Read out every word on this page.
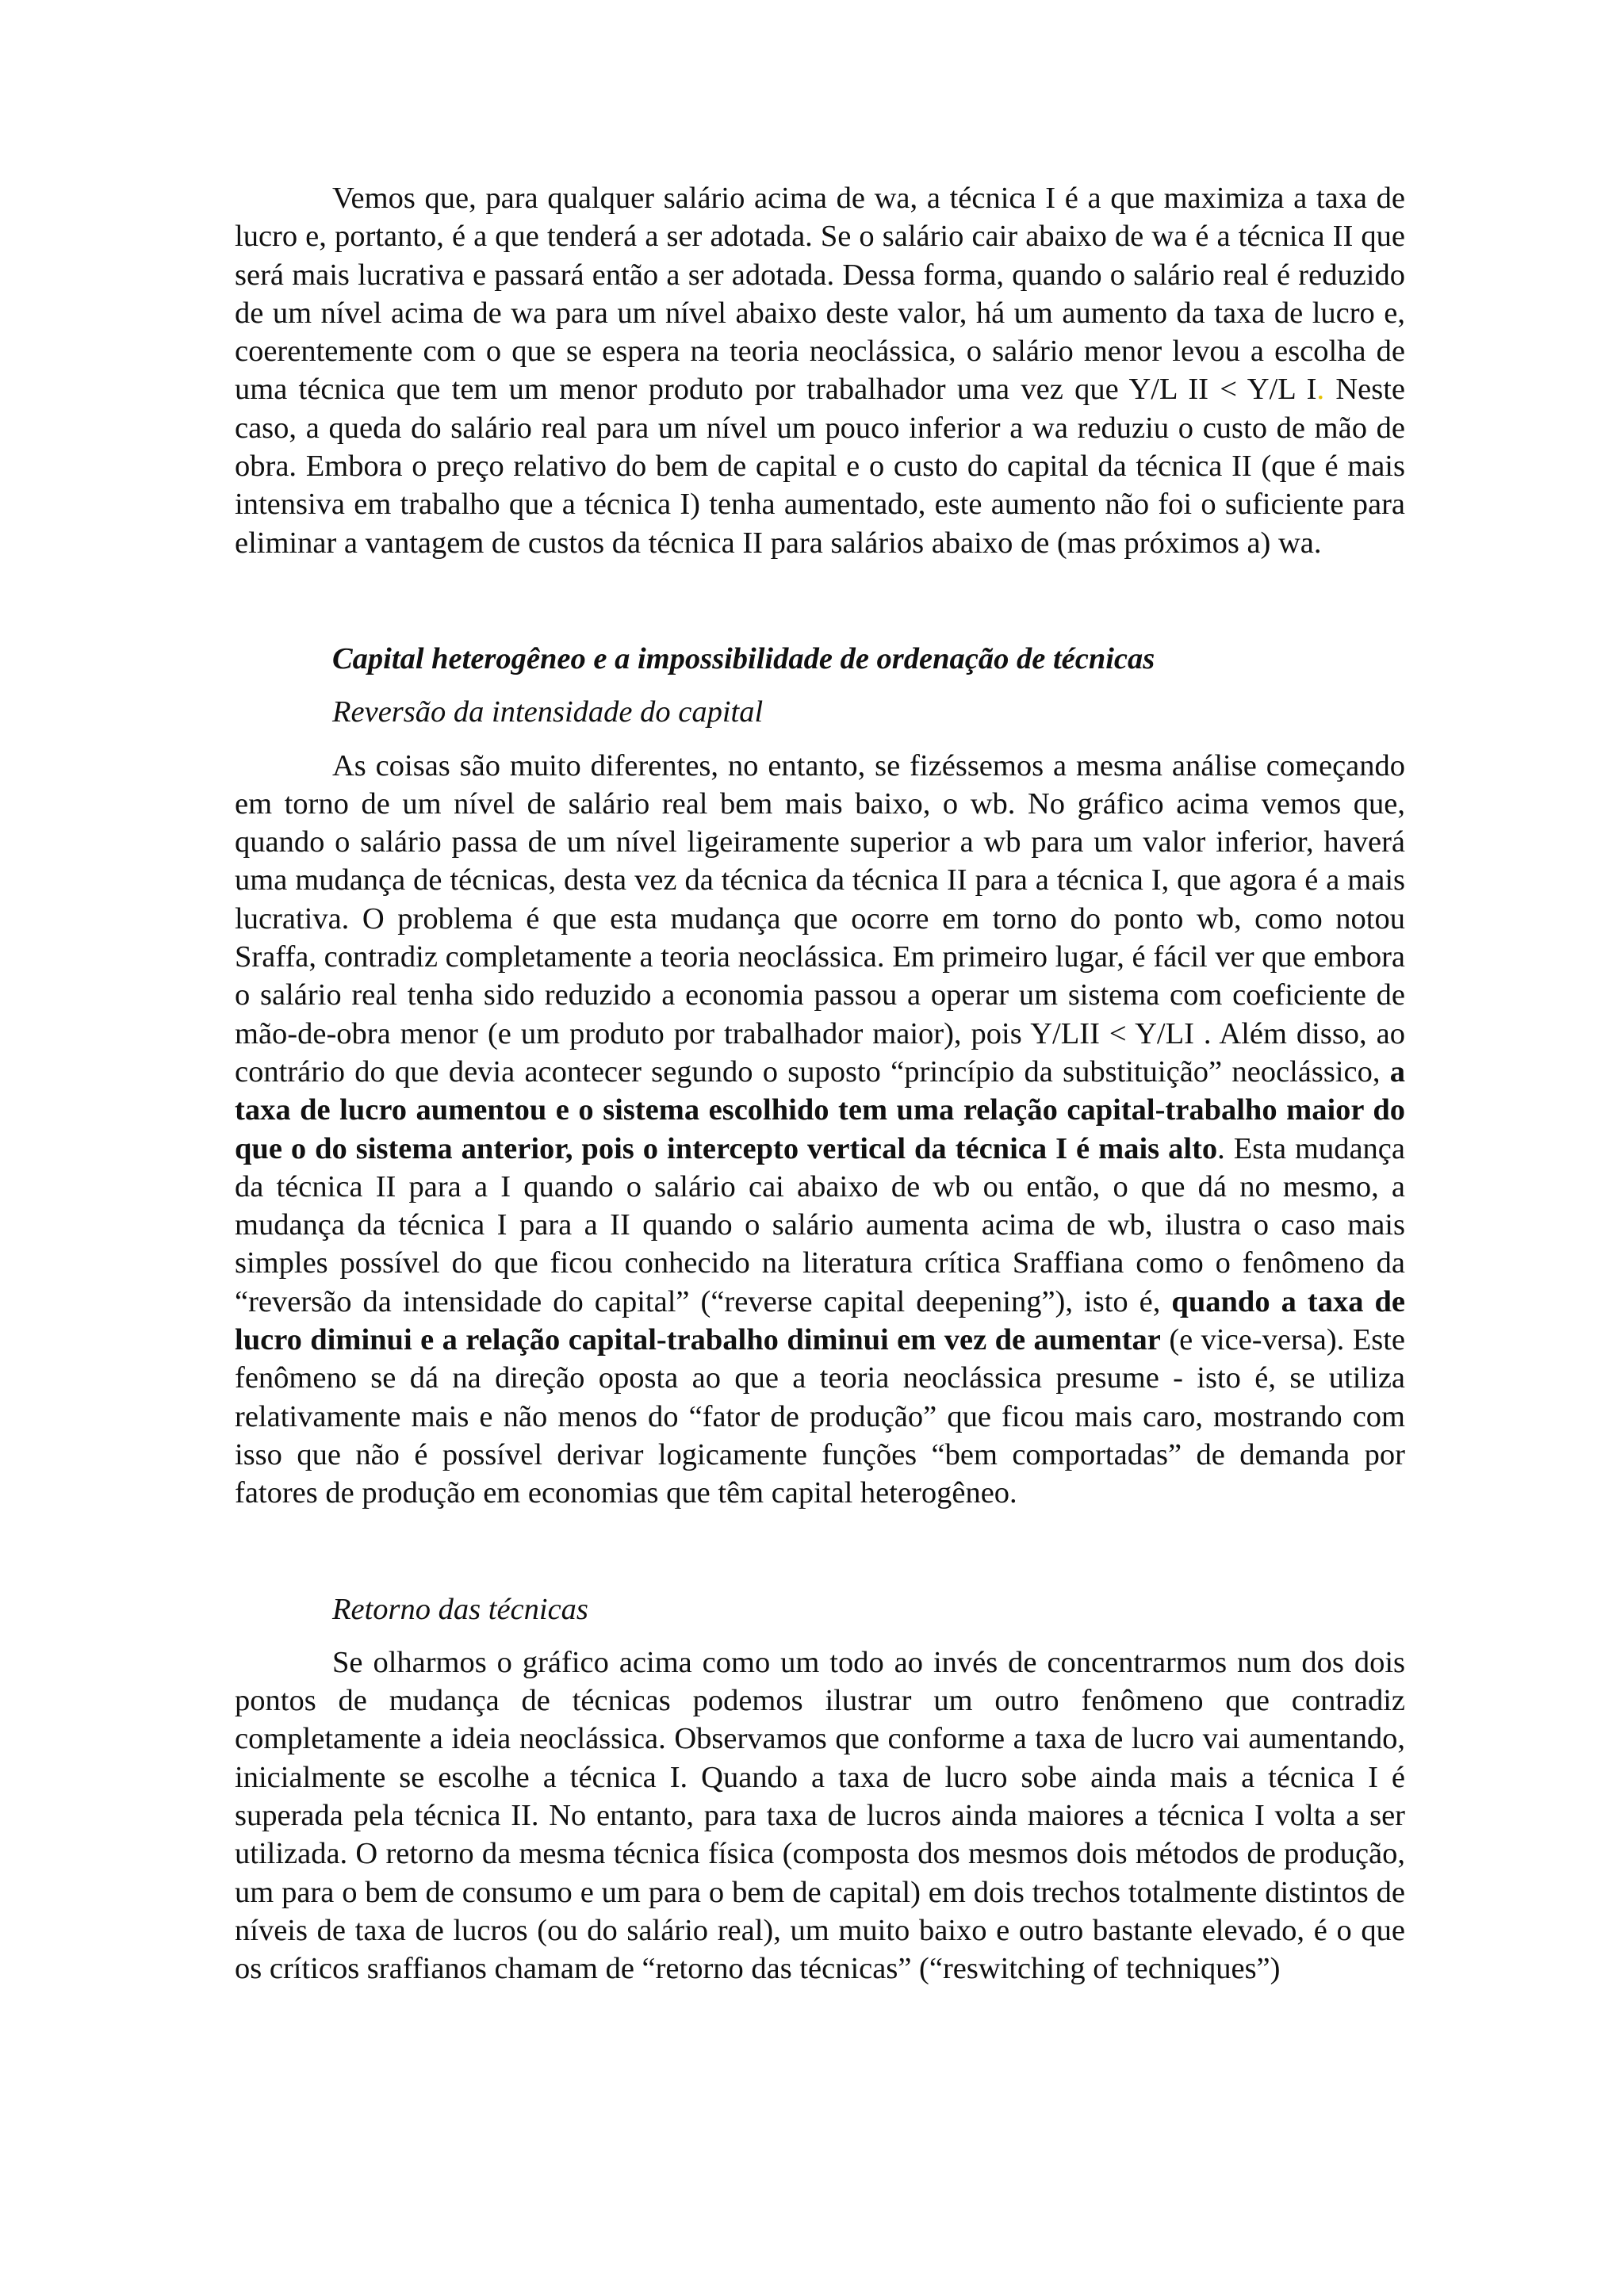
Vemos que, para qualquer salário acima de wa, a técnica I é a que maximiza a taxa de lucro e, portanto, é a que tenderá a ser adotada. Se o salário cair abaixo de wa é a técnica II que será mais lucrativa e passará então a ser adotada. Dessa forma, quando o salário real é reduzido de um nível acima de wa para um nível abaixo deste valor, há um aumento da taxa de lucro e, coerentemente com o que se espera na teoria neoclássica, o salário menor levou a escolha de uma técnica que tem um menor produto por trabalhador uma vez que Y/L II < Y/L I. Neste caso, a queda do salário real para um nível um pouco inferior a wa reduziu o custo de mão de obra. Embora o preço relativo do bem de capital e o custo do capital da técnica II (que é mais intensiva em trabalho que a técnica I) tenha aumentado, este aumento não foi o suficiente para eliminar a vantagem de custos da técnica II para salários abaixo de (mas próximos a) wa.

Capital heterogêneo e a impossibilidade de ordenação de técnicas
Reversão da intensidade do capital

As coisas são muito diferentes, no entanto, se fizéssemos a mesma análise começando em torno de um nível de salário real bem mais baixo, o wb. No gráfico acima vemos que, quando o salário passa de um nível ligeiramente superior a wb para um valor inferior, haverá uma mudança de técnicas, desta vez da técnica da técnica II para a técnica I, que agora é a mais lucrativa. O problema é que esta mudança que ocorre em torno do ponto wb, como notou Sraffa, contradiz completamente a teoria neoclássica. Em primeiro lugar, é fácil ver que embora o salário real tenha sido reduzido a economia passou a operar um sistema com coeficiente de mão-de-obra menor (e um produto por trabalhador maior), pois Y/LII < Y/LI . Além disso, ao contrário do que devia acontecer segundo o suposto “princípio da substituição” neoclássico, a taxa de lucro aumentou e o sistema escolhido tem uma relação capital-trabalho maior do que o do sistema anterior, pois o intercepto vertical da técnica I é mais alto. Esta mudança da técnica II para a I quando o salário cai abaixo de wb ou então, o que dá no mesmo, a mudança da técnica I para a II quando o salário aumenta acima de wb, ilustra o caso mais simples possível do que ficou conhecido na literatura crítica Sraffiana como o fenômeno da “reversão da intensidade do capital” (“reverse capital deepening”), isto é, quando a taxa de lucro diminui e a relação capital-trabalho diminui em vez de aumentar (e vice-versa). Este fenômeno se dá na direção oposta ao que a teoria neoclássica presume - isto é, se utiliza relativamente mais e não menos do “fator de produção” que ficou mais caro, mostrando com isso que não é possível derivar logicamente funções “bem comportadas” de demanda por fatores de produção em economias que têm capital heterogêneo.

Retorno das técnicas

Se olharmos o gráfico acima como um todo ao invés de concentrarmos num dos dois pontos de mudança de técnicas podemos ilustrar um outro fenômeno que contradiz completamente a ideia neoclássica. Observamos que conforme a taxa de lucro vai aumentando, inicialmente se escolhe a técnica I. Quando a taxa de lucro sobe ainda mais a técnica I é superada pela técnica II. No entanto, para taxa de lucros ainda maiores a técnica I volta a ser utilizada. O retorno da mesma técnica física (composta dos mesmos dois métodos de produção, um para o bem de consumo e um para o bem de capital) em dois trechos totalmente distintos de níveis de taxa de lucros (ou do salário real), um muito baixo e outro bastante elevado, é o que os críticos sraffianos chamam de “retorno das técnicas” (“reswitching of techniques”)
